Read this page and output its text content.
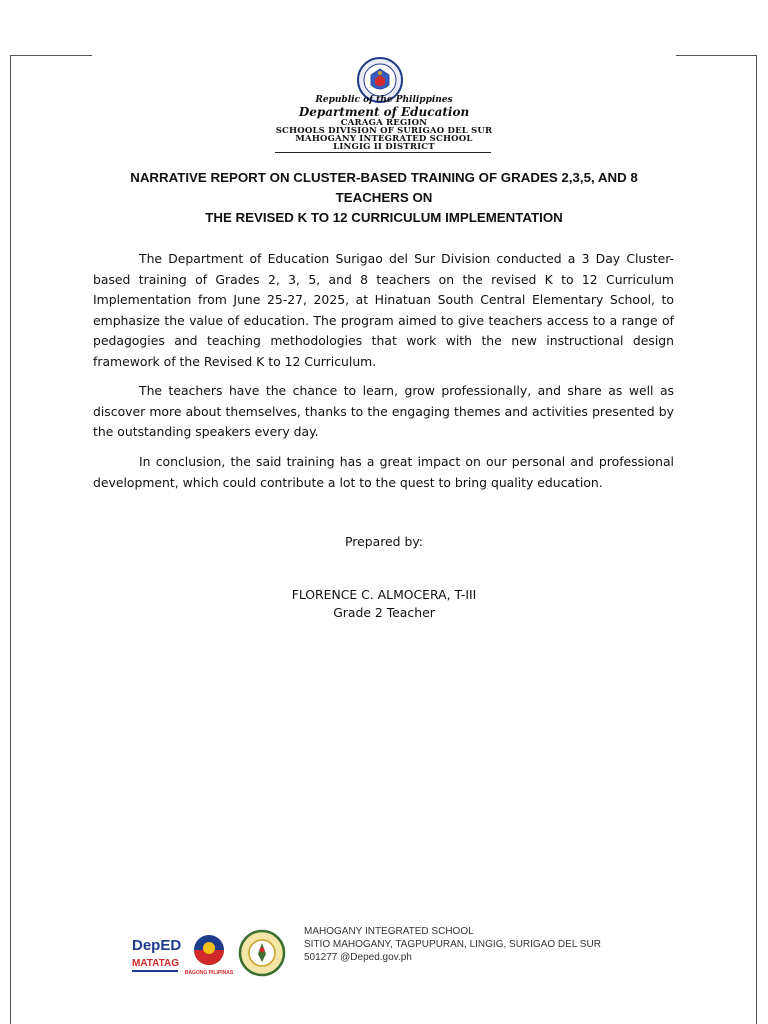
Republic of the Philippines
Department of Education
CARAGA REGION
SCHOOLS DIVISION OF SURIGAO DEL SUR
MAHOGANY INTEGRATED SCHOOL
LINGIG II DISTRICT
NARRATIVE REPORT ON CLUSTER-BASED TRAINING OF GRADES 2,3,5, AND 8 TEACHERS ON
THE REVISED K TO 12 CURRICULUM IMPLEMENTATION

The Department of Education Surigao del Sur Division conducted a 3 Day Cluster-based training of Grades 2, 3, 5, and 8 teachers on the revised K to 12 Curriculum Implementation from June 25-27, 2025, at Hinatuan South Central Elementary School, to emphasize the value of education. The program aimed to give teachers access to a range of pedagogies and teaching methodologies that work with the new instructional design framework of the Revised K to 12 Curriculum.

The teachers have the chance to learn, grow professionally, and share as well as discover more about themselves, thanks to the engaging themes and activities presented by the outstanding speakers every day.

In conclusion, the said training has a great impact on our personal and professional development, which could contribute a lot to the quest to bring quality education.

Prepared by:

FLORENCE C. ALMOCERA, T-III

Grade 2 Teacher

DepED
MATATAG
BAGONG PILIPINAS
MAHOGANY INTEGRATED SCHOOL
SITIO MAHOGANY, TAGPUPURAN, LINGIG, SURIGAO DEL SUR
501277 @Deped.gov.ph
